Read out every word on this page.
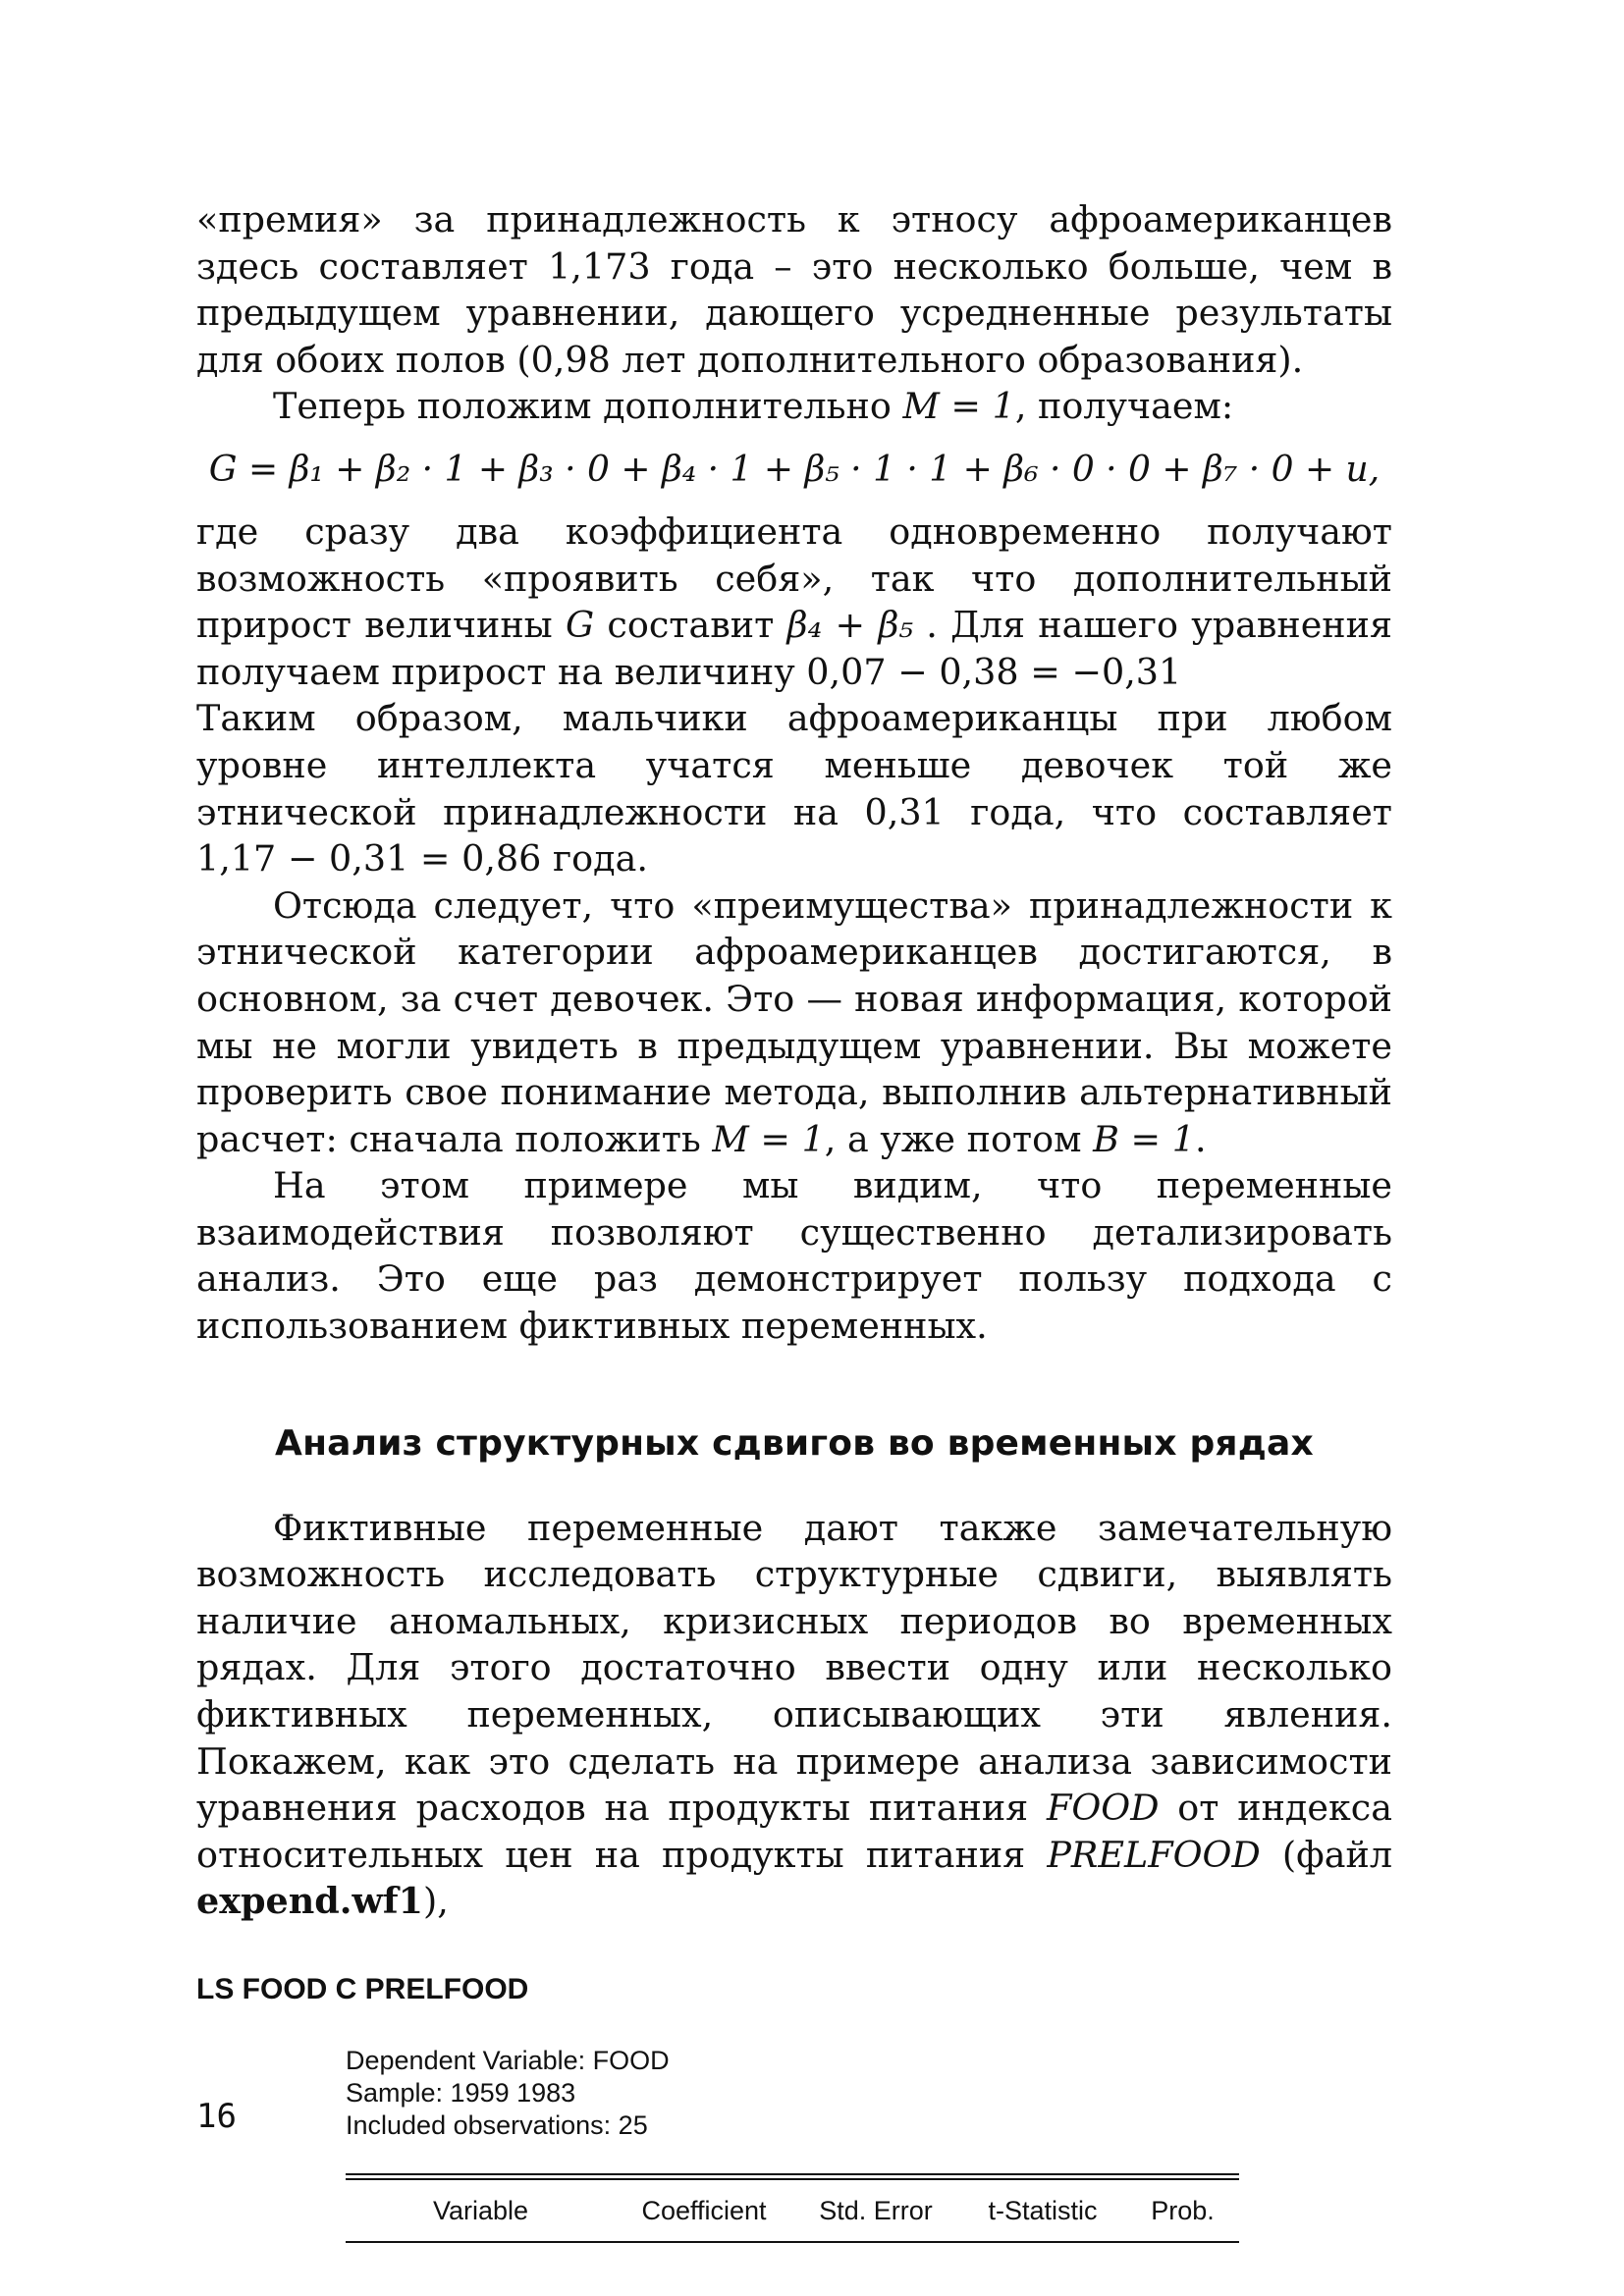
«премия» за принадлежность к этносу афроамериканцев здесь составляет 1,173 года – это несколько больше, чем в предыдущем уравнении, дающего усредненные результаты для обоих полов (0,98 лет дополнительного образования).

Теперь положим дополнительно M = 1, получаем:

G = β₁ + β₂ · 1 + β₃ · 0 + β₄ · 1 + β₅ · 1 · 1 + β₆ · 0 · 0 + β₇ · 0 + u,

где сразу два коэффициента одновременно получают возможность «проявить себя», так что дополнительный прирост величины G составит β₄ + β₅ . Для нашего уравнения получаем прирост на величину 0,07 − 0,38 = −0,31

Таким образом, мальчики афроамериканцы при любом уровне интеллекта учатся меньше девочек той же этнической принадлежности на 0,31 года, что составляет 1,17 − 0,31 = 0,86 года.

Отсюда следует, что «преимущества» принадлежности к этнической категории афроамериканцев достигаются, в основном, за счет девочек. Это — новая информация, которой мы не могли увидеть в предыдущем уравнении. Вы можете проверить свое понимание метода, выполнив альтернативный расчет: сначала положить M = 1, а уже потом B = 1.

На этом примере мы видим, что переменные взаимодействия позволяют существенно детализировать анализ. Это еще раз демонстрирует пользу подхода с использованием фиктивных переменных.

Анализ структурных сдвигов во временных рядах

Фиктивные переменные дают также замечательную возможность исследовать структурные сдвиги, выявлять наличие аномальных, кризисных периодов во временных рядах. Для этого достаточно ввести одну или несколько фиктивных переменных, описывающих эти явления. Покажем, как это сделать на примере анализа зависимости уравнения расходов на продукты питания FOOD от индекса относительных цен на продукты питания PRELFOOD (файл expend.wf1),

LS FOOD C PRELFOOD
Dependent Variable: FOOD
Sample: 1959 1983
Included observations: 25
Variable	Coefficient	Std. Error	t-Statistic	Prob.
16
